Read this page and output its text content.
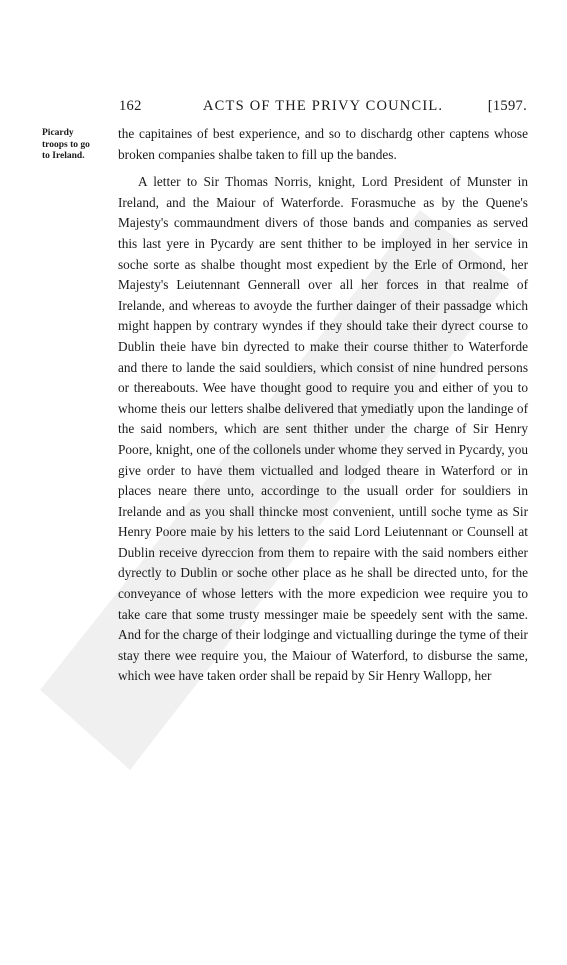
162	ACTS OF THE PRIVY COUNCIL.	[1597.
Picardy
troops to go
to Ireland.

the capitaines of best experience, and so to dischardg other captens whose broken companies shalbe taken to fill up the bandes.

A letter to Sir Thomas Norris, knight, Lord President of Munster in Ireland, and the Maiour of Waterforde. Forasmuche as by the Quene's Majesty's commaundment divers of those bands and companies as served this last yere in Pycardy are sent thither to be imployed in her service in soche sorte as shalbe thought most expedient by the Erle of Ormond, her Majesty's Leiutennant Gennerall over all her forces in that realme of Irelande, and whereas to avoyde the further dainger of their passadge which might happen by contrary wyndes if they should take their dyrect course to Dublin theie have bin dyrected to make their course thither to Waterforde and there to lande the said souldiers, which consist of nine hundred persons or thereabouts. Wee have thought good to require you and either of you to whome theis our letters shalbe delivered that ymediatly upon the landinge of the said nombers, which are sent thither under the charge of Sir Henry Poore, knight, one of the collonels under whome they served in Pycardy, you give order to have them victualled and lodged theare in Waterford or in places neare there unto, accordinge to the usuall order for souldiers in Irelande and as you shall thincke most convenient, untill soche tyme as Sir Henry Poore maie by his letters to the said Lord Leiutennant or Counsell at Dublin receive dyreccion from them to repaire with the said nombers either dyrectly to Dublin or soche other place as he shall be directed unto, for the conveyance of whose letters with the more expedicion wee require you to take care that some trusty messinger maie be speedely sent with the same. And for the charge of their lodginge and victualling duringe the tyme of their stay there wee require you, the Maiour of Waterford, to disburse the same, which wee have taken order shall be repaid by Sir Henry Wallopp, her
